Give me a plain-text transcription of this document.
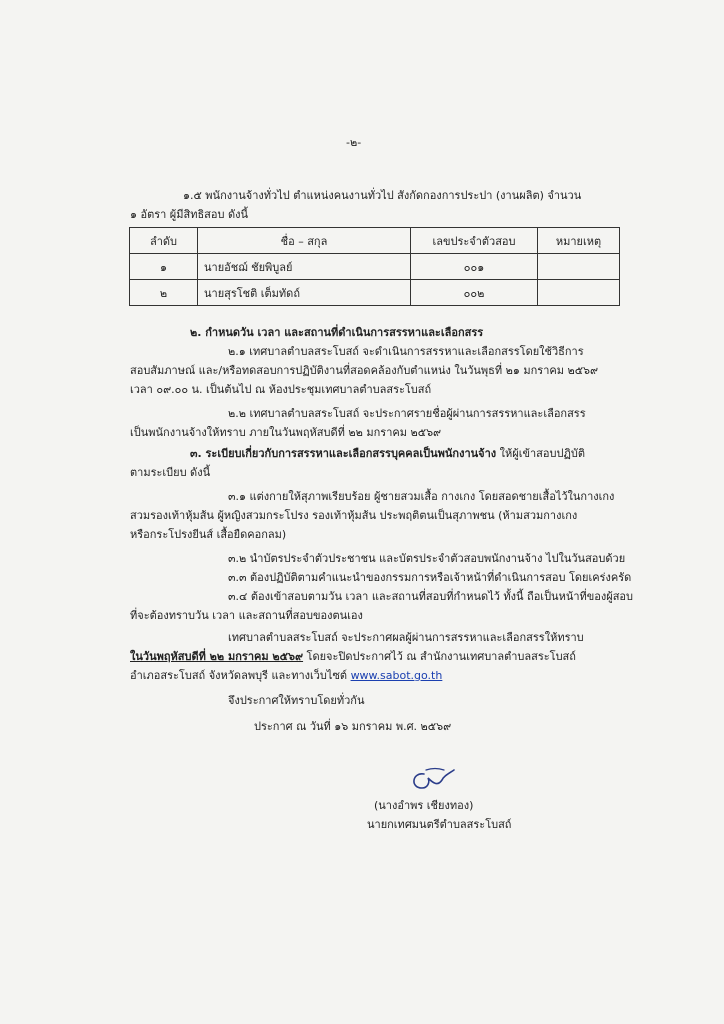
-๒-
๑.๕ พนักงานจ้างทั่วไป ตำแหน่งคนงานทั่วไป สังกัดกองการประปา (งานผลิต) จำนวน
๑ อัตรา ผู้มีสิทธิสอบ ดังนี้
ลำดับ	ชื่อ – สกุล	เลขประจำตัวสอบ	หมายเหตุ
๑	นายอัชฌ์ ชัยพิบูลย์	๐๐๑	
๒	นายสุรโชติ เต็มทัดถ์	๐๐๒	
๒. กำหนดวัน เวลา และสถานที่ดำเนินการสรรหาและเลือกสรร
๒.๑ เทศบาลตำบลสระโบสถ์ จะดำเนินการสรรหาและเลือกสรรโดยใช้วิธีการ
สอบสัมภาษณ์ และ/หรือทดสอบการปฏิบัติงานที่สอดคล้องกับตำแหน่ง ในวันพุธที่ ๒๑ มกราคม ๒๕๖๙
เวลา ๐๙.๐๐ น. เป็นต้นไป ณ ห้องประชุมเทศบาลตำบลสระโบสถ์
๒.๒ เทศบาลตำบลสระโบสถ์ จะประกาศรายชื่อผู้ผ่านการสรรหาและเลือกสรร
เป็นพนักงานจ้างให้ทราบ ภายในวันพฤหัสบดีที่ ๒๒ มกราคม ๒๕๖๙
๓. ระเบียบเกี่ยวกับการสรรหาและเลือกสรรบุคคลเป็นพนักงานจ้าง ให้ผู้เข้าสอบปฏิบัติ
ตามระเบียบ ดังนี้
๓.๑ แต่งกายให้สุภาพเรียบร้อย ผู้ชายสวมเสื้อ กางเกง โดยสอดชายเสื้อไว้ในกางเกง
สวมรองเท้าหุ้มส้น ผู้หญิงสวมกระโปรง รองเท้าหุ้มส้น ประพฤติตนเป็นสุภาพชน (ห้ามสวมกางเกง
หรือกระโปรงยีนส์ เสื้อยืดคอกลม)
๓.๒ นำบัตรประจำตัวประชาชน และบัตรประจำตัวสอบพนักงานจ้าง ไปในวันสอบด้วย
๓.๓ ต้องปฏิบัติตามคำแนะนำของกรรมการหรือเจ้าหน้าที่ดำเนินการสอบ โดยเคร่งครัด
๓.๔ ต้องเข้าสอบตามวัน เวลา และสถานที่สอบที่กำหนดไว้ ทั้งนี้ ถือเป็นหน้าที่ของผู้สอบ
ที่จะต้องทราบวัน เวลา และสถานที่สอบของตนเอง
เทศบาลตำบลสระโบสถ์ จะประกาศผลผู้ผ่านการสรรหาและเลือกสรรให้ทราบ
ในวันพฤหัสบดีที่ ๒๒ มกราคม ๒๕๖๙ โดยจะปิดประกาศไว้ ณ สำนักงานเทศบาลตำบลสระโบสถ์
อำเภอสระโบสถ์ จังหวัดลพบุรี และทางเว็บไซต์ www.sabot.go.th
จึงประกาศให้ทราบโดยทั่วกัน
ประกาศ ณ วันที่ ๑๖ มกราคม พ.ศ. ๒๕๖๙
(นางอำพร เชียงทอง)
นายกเทศมนตรีตำบลสระโบสถ์
